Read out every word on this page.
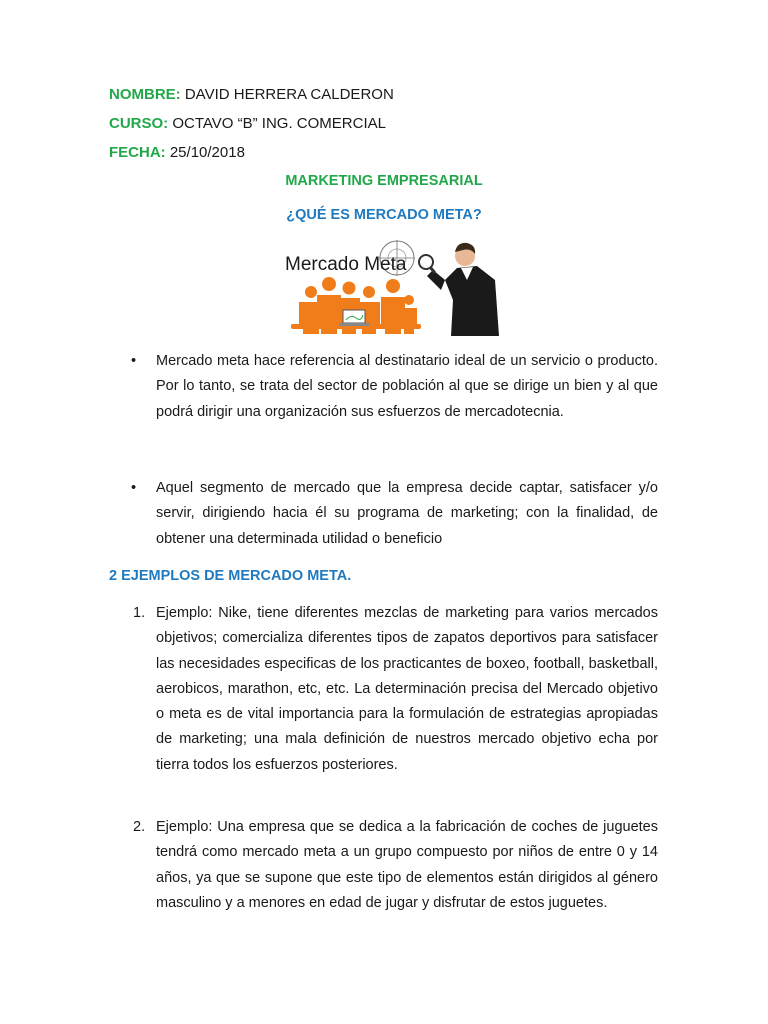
NOMBRE: DAVID HERRERA CALDERON
CURSO: OCTAVO “B” ING. COMERCIAL
FECHA: 25/10/2018
MARKETING EMPRESARIAL
¿QUÉ ES MERCADO META?
Mercado Meta
• Mercado meta hace referencia al destinatario ideal de un servicio o producto. Por lo tanto, se trata del sector de población al que se dirige un bien y al que podrá dirigir una organización sus esfuerzos de mercadotecnia.
• Aquel segmento de mercado que la empresa decide captar, satisfacer y/o servir, dirigiendo hacia él su programa de marketing; con la finalidad, de obtener una determinada utilidad o beneficio
2 EJEMPLOS DE MERCADO META.
1. Ejemplo: Nike, tiene diferentes mezclas de marketing para varios mercados objetivos; comercializa diferentes tipos de zapatos deportivos para satisfacer las necesidades especificas de los practicantes de boxeo, football, basketball, aerobicos, marathon, etc, etc. La determinación precisa del Mercado objetivo o meta es de vital importancia para la formulación de estrategias apropiadas de marketing; una mala definición de nuestros mercado objetivo echa por tierra todos los esfuerzos posteriores.
2. Ejemplo: Una empresa que se dedica a la fabricación de coches de juguetes tendrá como mercado meta a un grupo compuesto por niños de entre 0 y 14 años, ya que se supone que este tipo de elementos están dirigidos al género masculino y a menores en edad de jugar y disfrutar de estos juguetes.
